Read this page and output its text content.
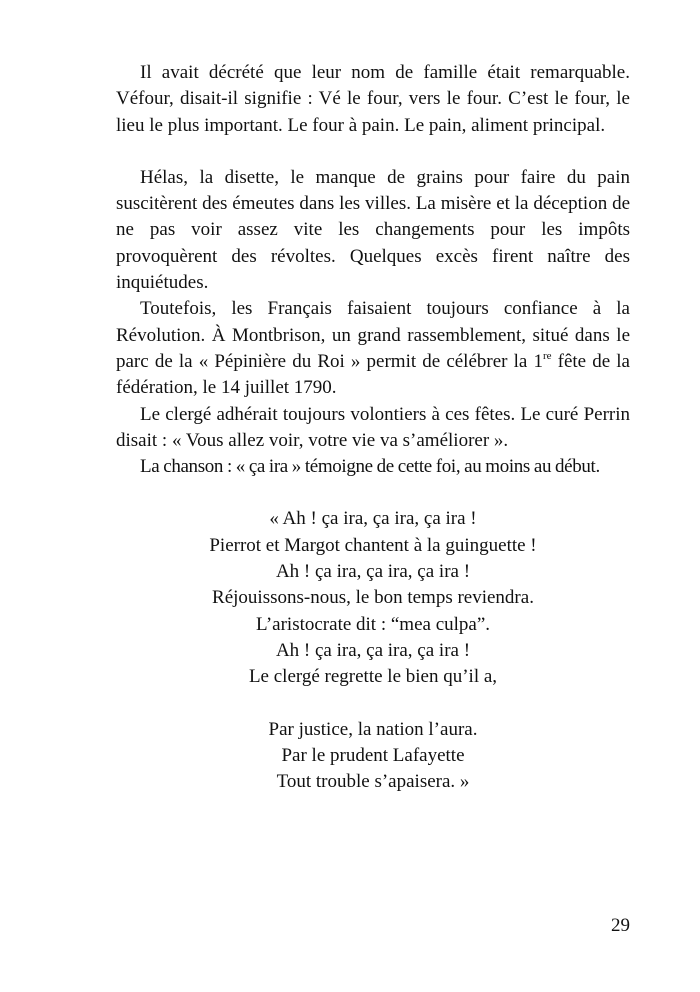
Il avait décrété que leur nom de famille était remarquable. Véfour, disait-il signifie : Vé le four, vers le four. C’est le four, le lieu le plus important. Le four à pain. Le pain, aliment principal.

Hélas, la disette, le manque de grains pour faire du pain suscitèrent des émeutes dans les villes. La misère et la déception de ne pas voir assez vite les changements pour les impôts provoquèrent des révoltes. Quelques excès firent naître des inquiétudes.

Toutefois, les Français faisaient toujours confiance à la Révolution. À Montbrison, un grand rassemblement, situé dans le parc de la « Pépinière du Roi » permit de célébrer la 1re fête de la fédération, le 14 juillet 1790.

Le clergé adhérait toujours volontiers à ces fêtes. Le curé Perrin disait : « Vous allez voir, votre vie va s’améliorer ».

La chanson : « ça ira » témoigne de cette foi, au moins au début.

« Ah ! ça ira, ça ira, ça ira !
Pierrot et Margot chantent à la guinguette !
Ah ! ça ira, ça ira, ça ira !
Réjouissons-nous, le bon temps reviendra.
L’aristocrate dit : “mea culpa”.
Ah ! ça ira, ça ira, ça ira !
Le clergé regrette le bien qu’il a,
Par justice, la nation l’aura.
Par le prudent Lafayette
Tout trouble s’apaisera. »
29
